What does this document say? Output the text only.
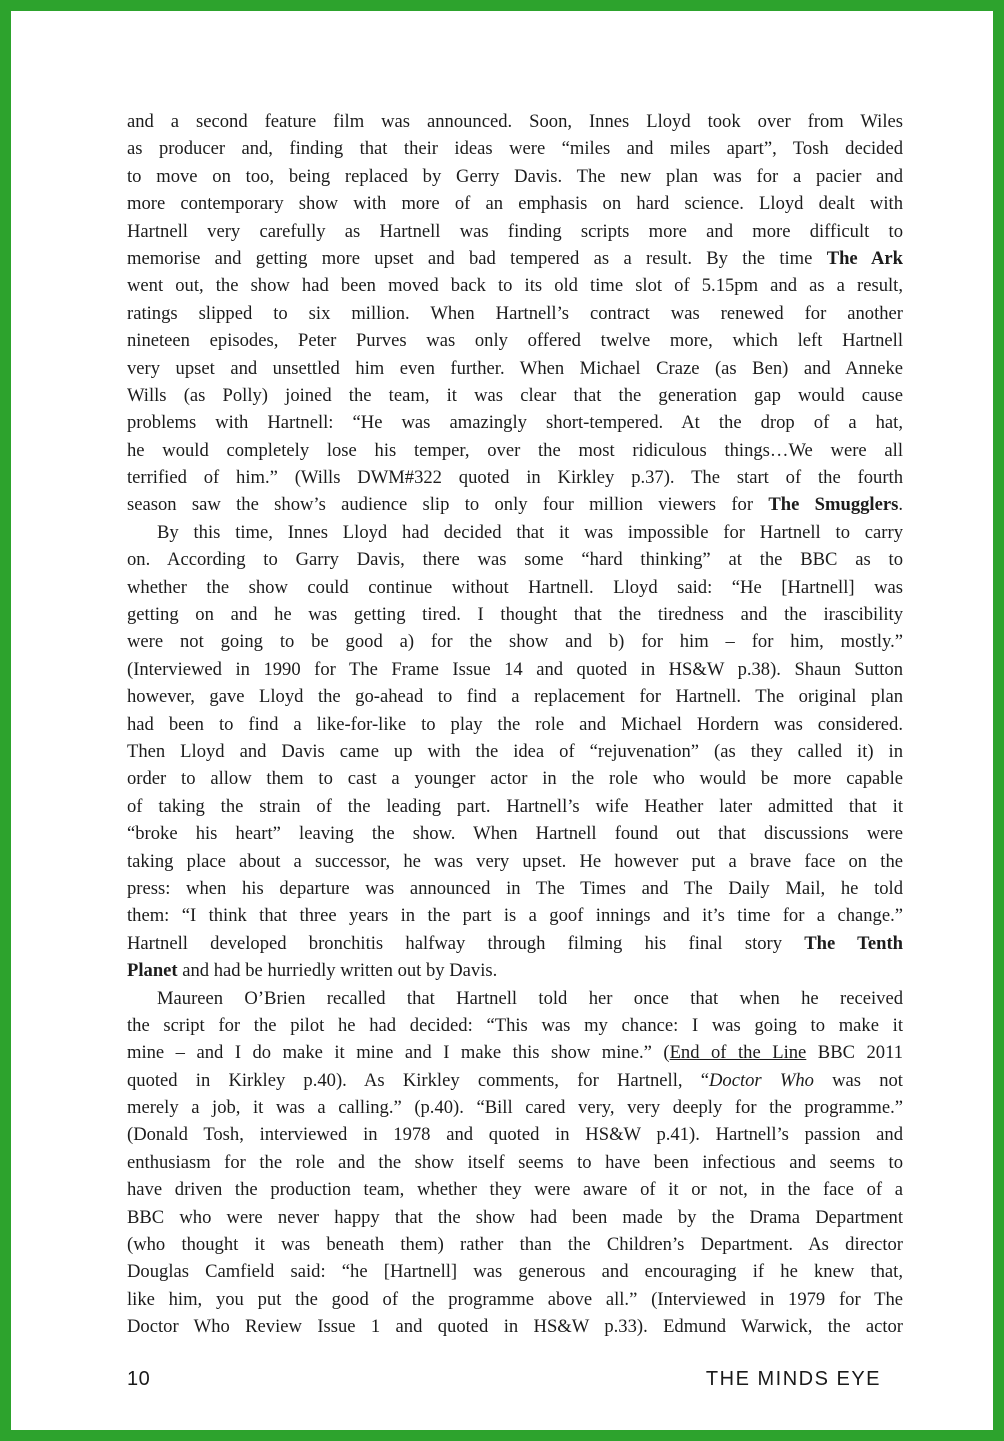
and a second feature film was announced. Soon, Innes Lloyd took over from Wiles
as producer and, finding that their ideas were “miles and miles apart”, Tosh decided
to move on too, being replaced by Gerry Davis. The new plan was for a pacier and
more contemporary show with more of an emphasis on hard science. Lloyd dealt with
Hartnell very carefully as Hartnell was finding scripts more and more difficult to
memorise and getting more upset and bad tempered as a result. By the time The Ark
went out, the show had been moved back to its old time slot of 5.15pm and as a result,
ratings slipped to six million. When Hartnell’s contract was renewed for another
nineteen episodes, Peter Purves was only offered twelve more, which left Hartnell
very upset and unsettled him even further. When Michael Craze (as Ben) and Anneke
Wills (as Polly) joined the team, it was clear that the generation gap would cause
problems with Hartnell: “He was amazingly short-tempered. At the drop of a hat,
he would completely lose his temper, over the most ridiculous things…We were all
terrified of him.” (Wills DWM#322 quoted in Kirkley p.37). The start of the fourth
season saw the show’s audience slip to only four million viewers for The Smugglers.
By this time, Innes Lloyd had decided that it was impossible for Hartnell to carry
on. According to Garry Davis, there was some “hard thinking” at the BBC as to
whether the show could continue without Hartnell. Lloyd said: “He [Hartnell] was
getting on and he was getting tired. I thought that the tiredness and the irascibility
were not going to be good a) for the show and b) for him – for him, mostly.”
(Interviewed in 1990 for The Frame Issue 14 and quoted in HS&W p.38). Shaun Sutton
however, gave Lloyd the go-ahead to find a replacement for Hartnell. The original plan
had been to find a like-for-like to play the role and Michael Hordern was considered.
Then Lloyd and Davis came up with the idea of “rejuvenation” (as they called it) in
order to allow them to cast a younger actor in the role who would be more capable
of taking the strain of the leading part. Hartnell’s wife Heather later admitted that it
“broke his heart” leaving the show. When Hartnell found out that discussions were
taking place about a successor, he was very upset. He however put a brave face on the
press: when his departure was announced in The Times and The Daily Mail, he told
them: “I think that three years in the part is a goof innings and it’s time for a change.”
Hartnell developed bronchitis halfway through filming his final story The Tenth
Planet and had be hurriedly written out by Davis.
Maureen O’Brien recalled that Hartnell told her once that when he received
the script for the pilot he had decided: “This was my chance: I was going to make it
mine – and I do make it mine and I make this show mine.” (End of the Line BBC 2011
quoted in Kirkley p.40). As Kirkley comments, for Hartnell, “Doctor Who was not
merely a job, it was a calling.” (p.40). “Bill cared very, very deeply for the programme.”
(Donald Tosh, interviewed in 1978 and quoted in HS&W p.41). Hartnell’s passion and
enthusiasm for the role and the show itself seems to have been infectious and seems to
have driven the production team, whether they were aware of it or not, in the face of a
BBC who were never happy that the show had been made by the Drama Department
(who thought it was beneath them) rather than the Children’s Department. As director
Douglas Camfield said: “he [Hartnell] was generous and encouraging if he knew that,
like him, you put the good of the programme above all.” (Interviewed in 1979 for The
Doctor Who Review Issue 1 and quoted in HS&W p.33). Edmund Warwick, the actor
10	THE MINDS EYE
